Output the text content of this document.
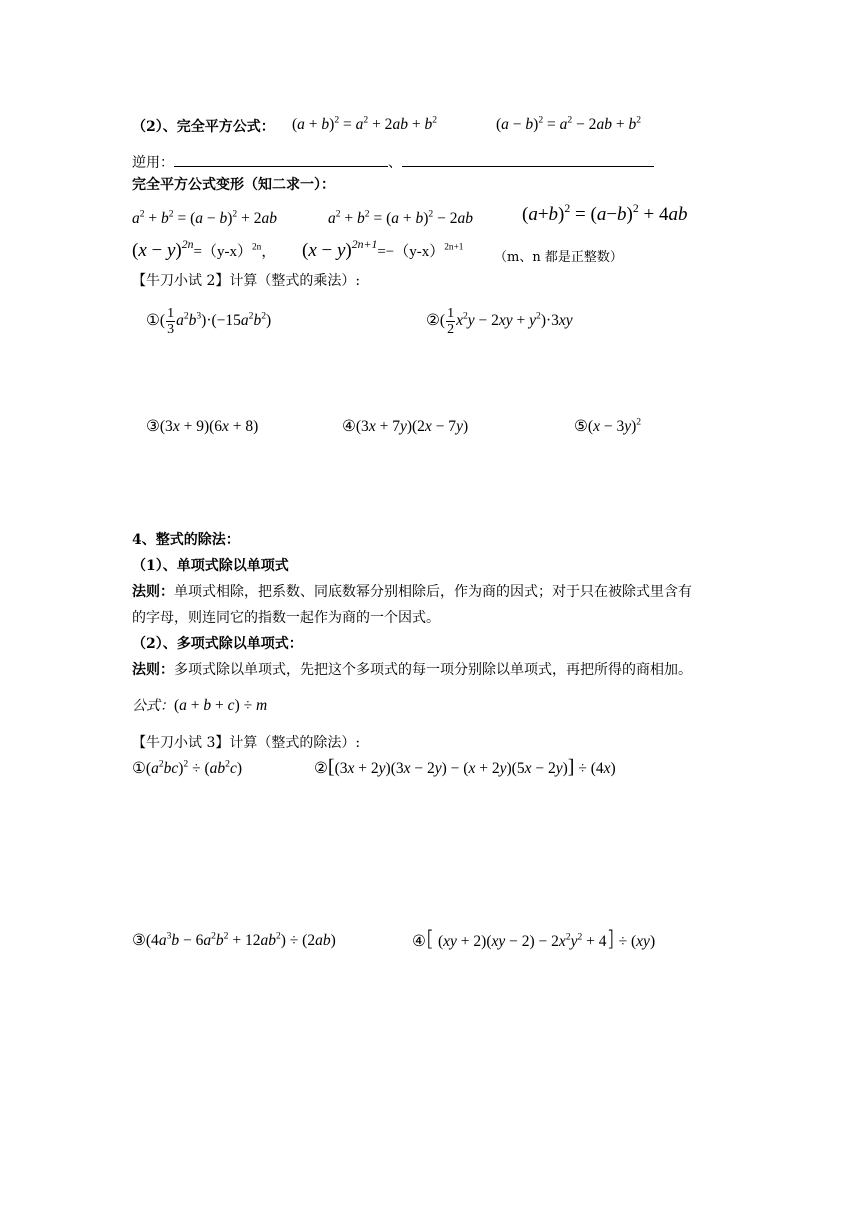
（2）、完全平方公式： $(a + b)^2 = a^2 + 2ab + b^2$	$(a - b)^2 = a^2 - 2ab + b^2$
逆用：	、
完全平方公式变形（知二求一）：
$a^2 + b^2 = (a - b)^2 + 2ab$	$a^2 + b^2 = (a + b)^2 - 2ab$	$(a+b)^2 = (a-b)^2 + 4ab$
$(x - y)^{2n}=(y-x)^{2n}$， $(x - y)^{2n+1}=-(y-x)^{2n+1}$
（m、n 都是正整数）
【牛刀小试 2】计算（整式的乘法）:
①( $\frac{1}{3} a^2b^3)\cdot(-15a^2b^2)$	②( $\frac{1}{2} x^2y - 2xy + y^2)\cdot 3xy$
③(3x + 9)(6x + 8)	④(3x + 7y)(2x − 7y)	⑤(x − 3y)$^2$
4、整式的除法：
（1）、单项式除以单项式
法则：单项式相除，把系数、同底数幂分别相除后，作为商的因式；对于只在被除式里含有
的字母，则连同它的指数一起作为商的一个因式。
（2）、多项式除以单项式：
法则：多项式除以单项式，先把这个多项式的每一项分别除以单项式，再把所得的商相加。
公式：(a + b + c) ÷ m
【牛刀小试 3】计算（整式的除法）:
$①(a^2bc)^2 \div (ab^2c)$	②[(3x + 2y)(3x − 2y) − (x + 2y)(5x − 2y)] ÷ (4x)
$③(4a^3b - 6a^2b^2 + 12ab^2) \div (2ab)$	④[ $(xy + 2)(xy - 2) - 2x^2y^2 + 4] \div (xy)$
